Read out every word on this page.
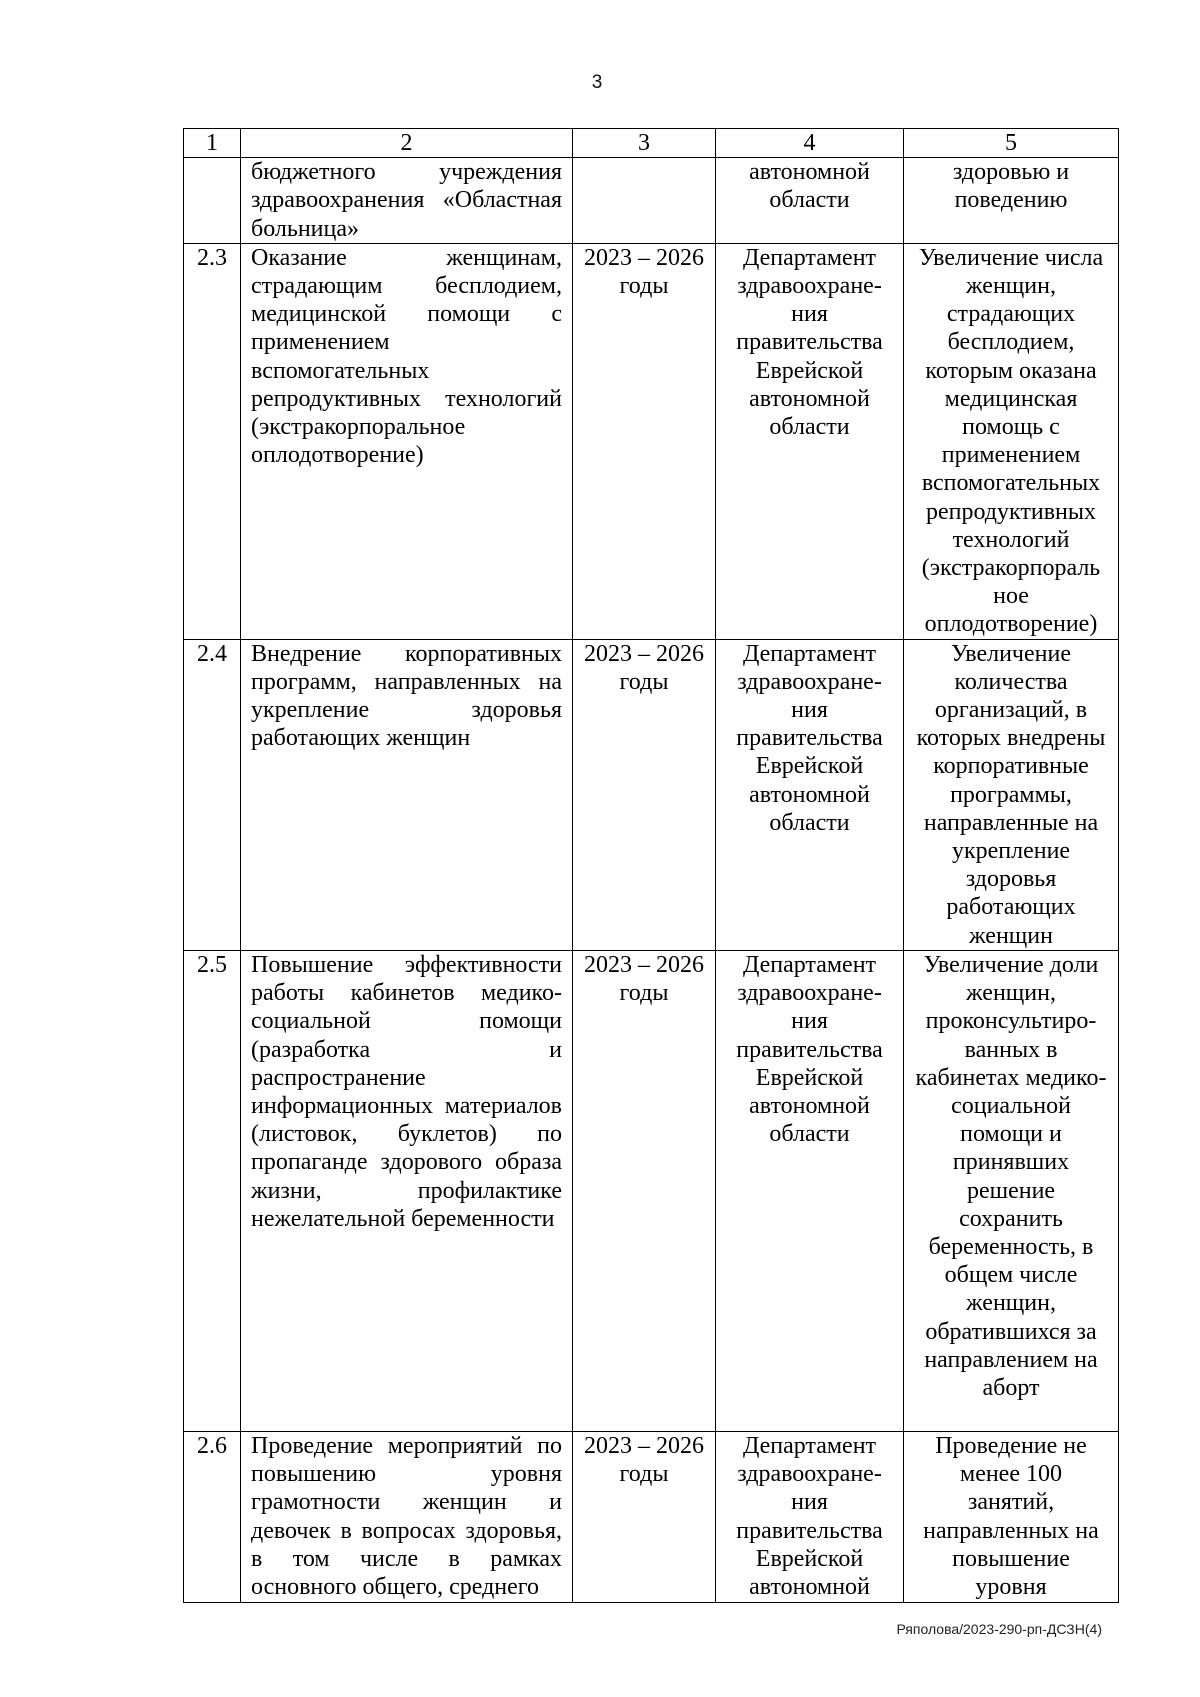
3
1	2	3	4	5
	бюджетного учреждения здравоохранения «Областная больница»		автономной области	здоровью и поведению
2.3	Оказание женщинам, страдающим бесплодием, медицинской помощи с применением вспомогательных репродуктивных технологий (экстракорпоральное оплодотворение)	2023 – 2026 годы	Департамент здравоохране-ния правительства Еврейской автономной области	Увеличение числа женщин, страдающих бесплодием, которым оказана медицинская помощь с применением вспомогательных репродуктивных технологий (экстракорпораль ное оплодотворение)
2.4	Внедрение корпоративных программ, направленных на укрепление здоровья работающих женщин	2023 – 2026 годы	Департамент здравоохране-ния правительства Еврейской автономной области	Увеличение количества организаций, в которых внедрены корпоративные программы, направленные на укрепление здоровья работающих женщин
2.5	Повышение эффективности работы кабинетов медико-социальной помощи (разработка и распространение информационных материалов (листовок, буклетов) по пропаганде здорового образа жизни, профилактике нежелательной беременности	2023 – 2026 годы	Департамент здравоохране-ния правительства Еврейской автономной области	Увеличение доли женщин, проконсультиро-ванных в кабинетах медико-социальной помощи и принявших решение сохранить беременность, в общем числе женщин, обратившихся за направлением на аборт
2.6	Проведение мероприятий по повышению уровня грамотности женщин и девочек в вопросах здоровья, в том числе в рамках основного общего, среднего	2023 – 2026 годы	Департамент здравоохране-ния правительства Еврейской автономной	Проведение не менее 100 занятий, направленных на повышение уровня
Ряполова/2023-290-рп-ДСЗН(4)
